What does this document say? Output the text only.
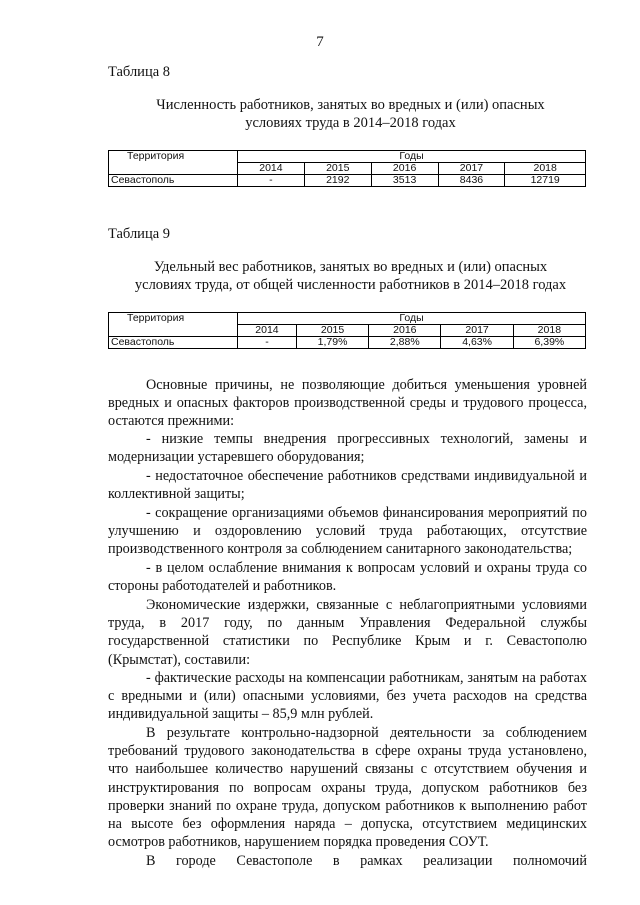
7
Таблица 8
Численность работников, занятых во вредных и (или) опасных
условиях труда в 2014–2018 годах
Территория	Годы				
	2014	2015	2016	2017	2018
Севастополь	-	2192	3513	8436	12719
Таблица 9
Удельный вес работников, занятых во вредных и (или) опасных
условиях труда, от общей численности работников в 2014–2018 годах
Территория	Годы				
	2014	2015	2016	2017	2018
Севастополь	-	1,79%	2,88%	4,63%	6,39%

Основные причины, не позволяющие добиться уменьшения уровней вредных и опасных факторов производственной среды и трудового процесса, остаются прежними:

- низкие темпы внедрения прогрессивных технологий, замены и модернизации устаревшего оборудования;

- недостаточное обеспечение работников средствами индивидуальной и коллективной защиты;

- сокращение организациями объемов финансирования мероприятий по улучшению и оздоровлению условий труда работающих, отсутствие производственного контроля за соблюдением санитарного законодательства;

- в целом ослабление внимания к вопросам условий и охраны труда со стороны работодателей и работников.

Экономические издержки, связанные с неблагоприятными условиями труда, в 2017 году, по данным Управления Федеральной службы государственной статистики по Республике Крым и г. Севастополю (Крымстат), составили:

- фактические расходы на компенсации работникам, занятым на работах с вредными и (или) опасными условиями, без учета расходов на средства индивидуальной защиты – 85,9 млн рублей.

В результате контрольно-надзорной деятельности за соблюдением требований трудового законодательства в сфере охраны труда установлено, что наибольшее количество нарушений связаны с отсутствием обучения и инструктирования по вопросам охраны труда, допуском работников без проверки знаний по охране труда, допуском работников к выполнению работ на высоте без оформления наряда – допуска, отсутствием медицинских осмотров работников, нарушением порядка проведения СОУТ.

В городе Севастополе в рамках реализации полномочий
